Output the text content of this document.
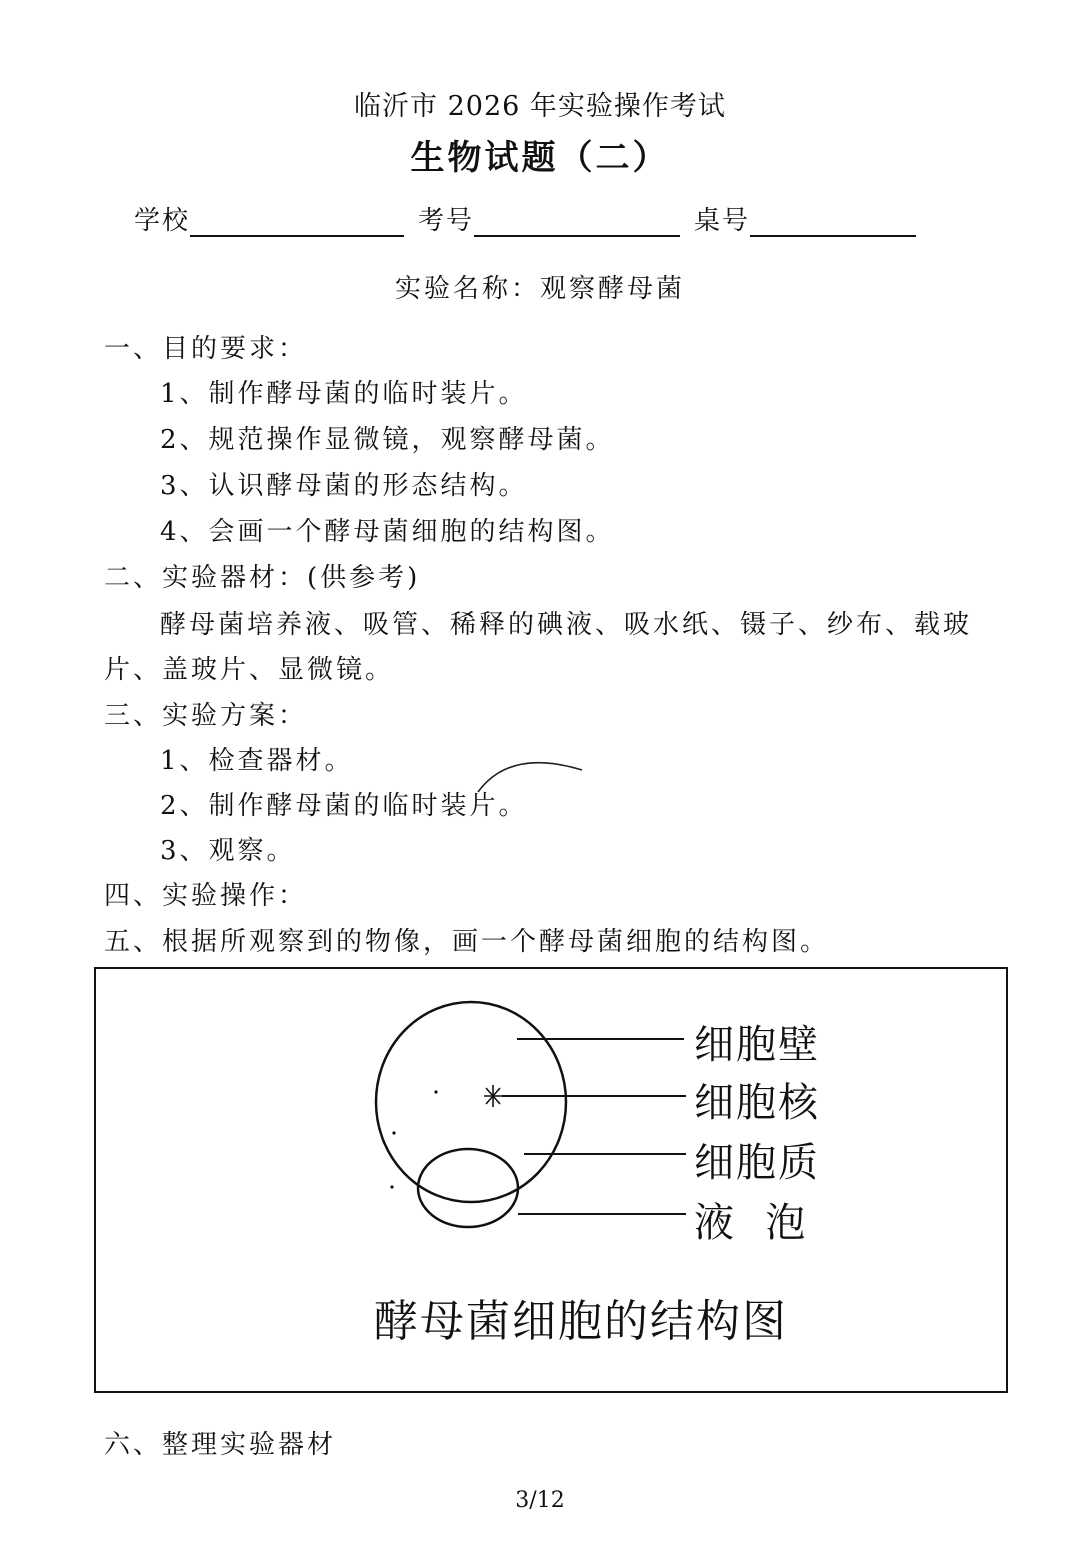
临沂市 2026 年实验操作考试
生物试题（二）
学校	考号	桌号
实验名称：观察酵母菌
一、目的要求：
1、制作酵母菌的临时装片。
2、规范操作显微镜，观察酵母菌。
3、认识酵母菌的形态结构。
4、会画一个酵母菌细胞的结构图。
二、实验器材：(供参考)
酵母菌培养液、吸管、稀释的碘液、吸水纸、镊子、纱布、载玻
片、盖玻片、显微镜。
三、实验方案：
1、检查器材。
2、制作酵母菌的临时装片。
3、观察。
四、实验操作：
五、根据所观察到的物像，画一个酵母菌细胞的结构图。
细胞壁
细胞核
细胞质
液  泡
酵母菌细胞的结构图
六、整理实验器材
3/12
